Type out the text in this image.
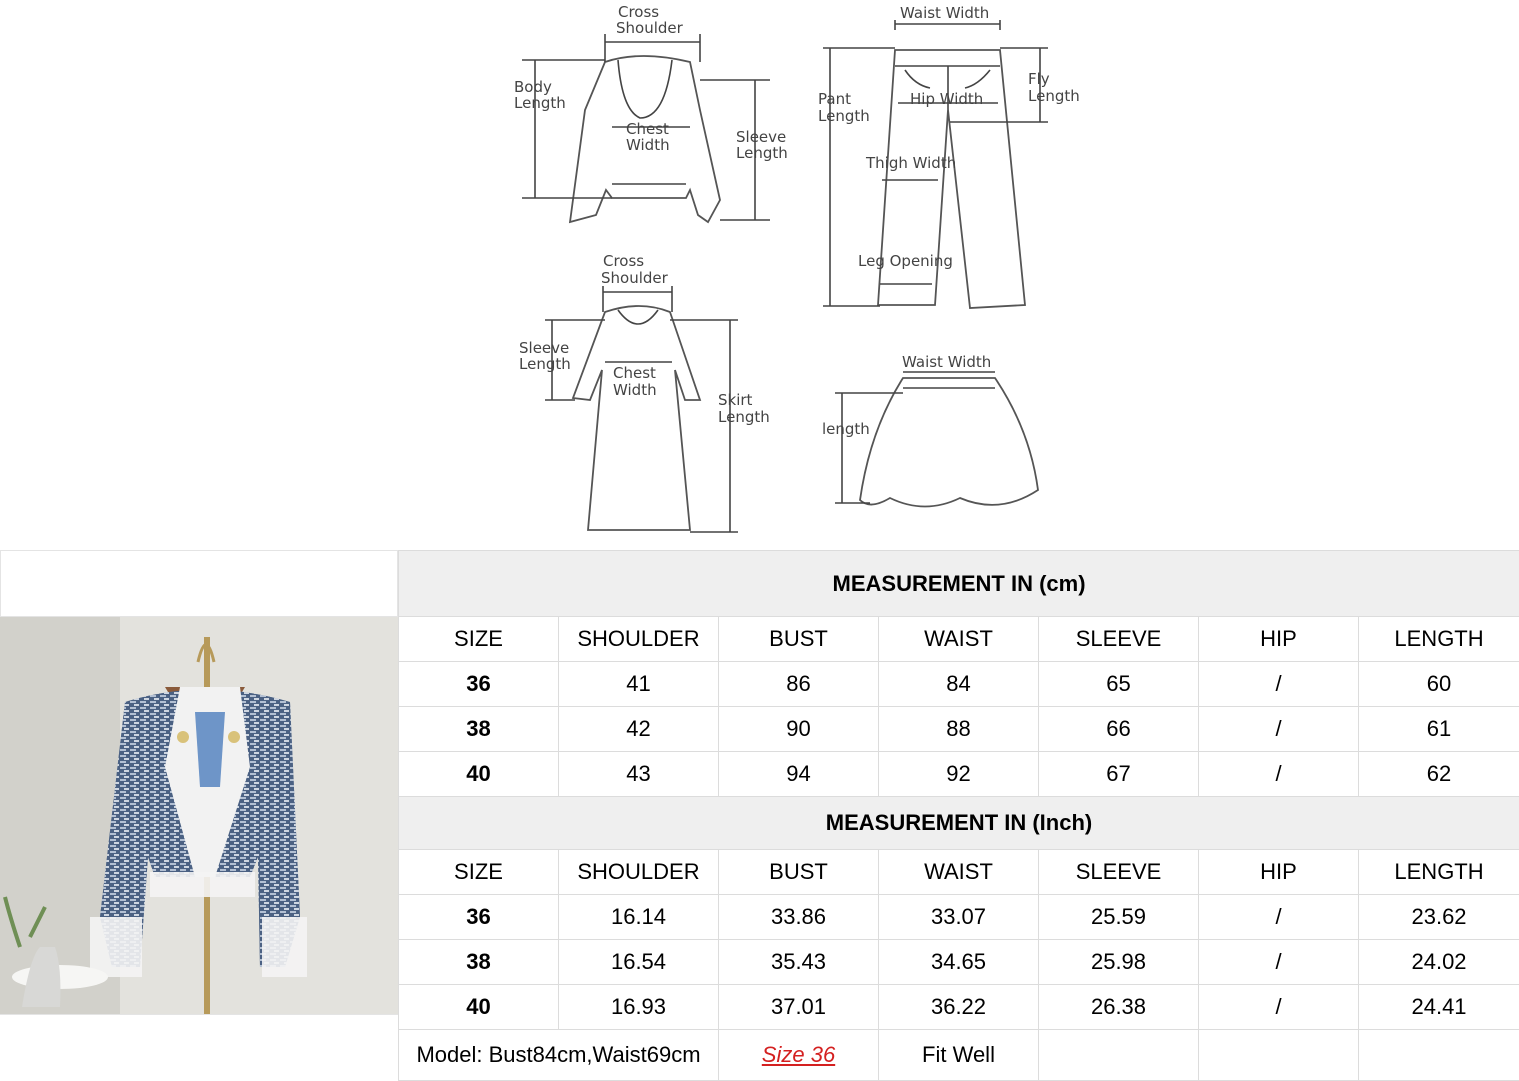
Cross
Shoulder
Body
Length
Chest
Width	Sleeve
Length
Waist Width
Pant
Length
Fly
Length
Hip Width
Thigh Width
Leg Opening
Cross
Shoulder
Sleeve
Length	Chest
Width
Skirt
Length
Waist Width
length
MEASUREMENT IN (cm)						
SIZE	SHOULDER	BUST	WAIST	SLEEVE	HIP	LENGTH
36	41	86	84	65	/	60
38	42	90	88	66	/	61
40	43	94	92	67	/	62
MEASUREMENT IN (Inch)						
SIZE	SHOULDER	BUST	WAIST	SLEEVE	HIP	LENGTH
36	16.14	33.86	33.07	25.59	/	23.62
38	16.54	35.43	34.65	25.98	/	24.02
40	16.93	37.01	36.22	26.38	/	24.41
Model: Bust84cm,Waist69cm		Size 36	Fit Well			
